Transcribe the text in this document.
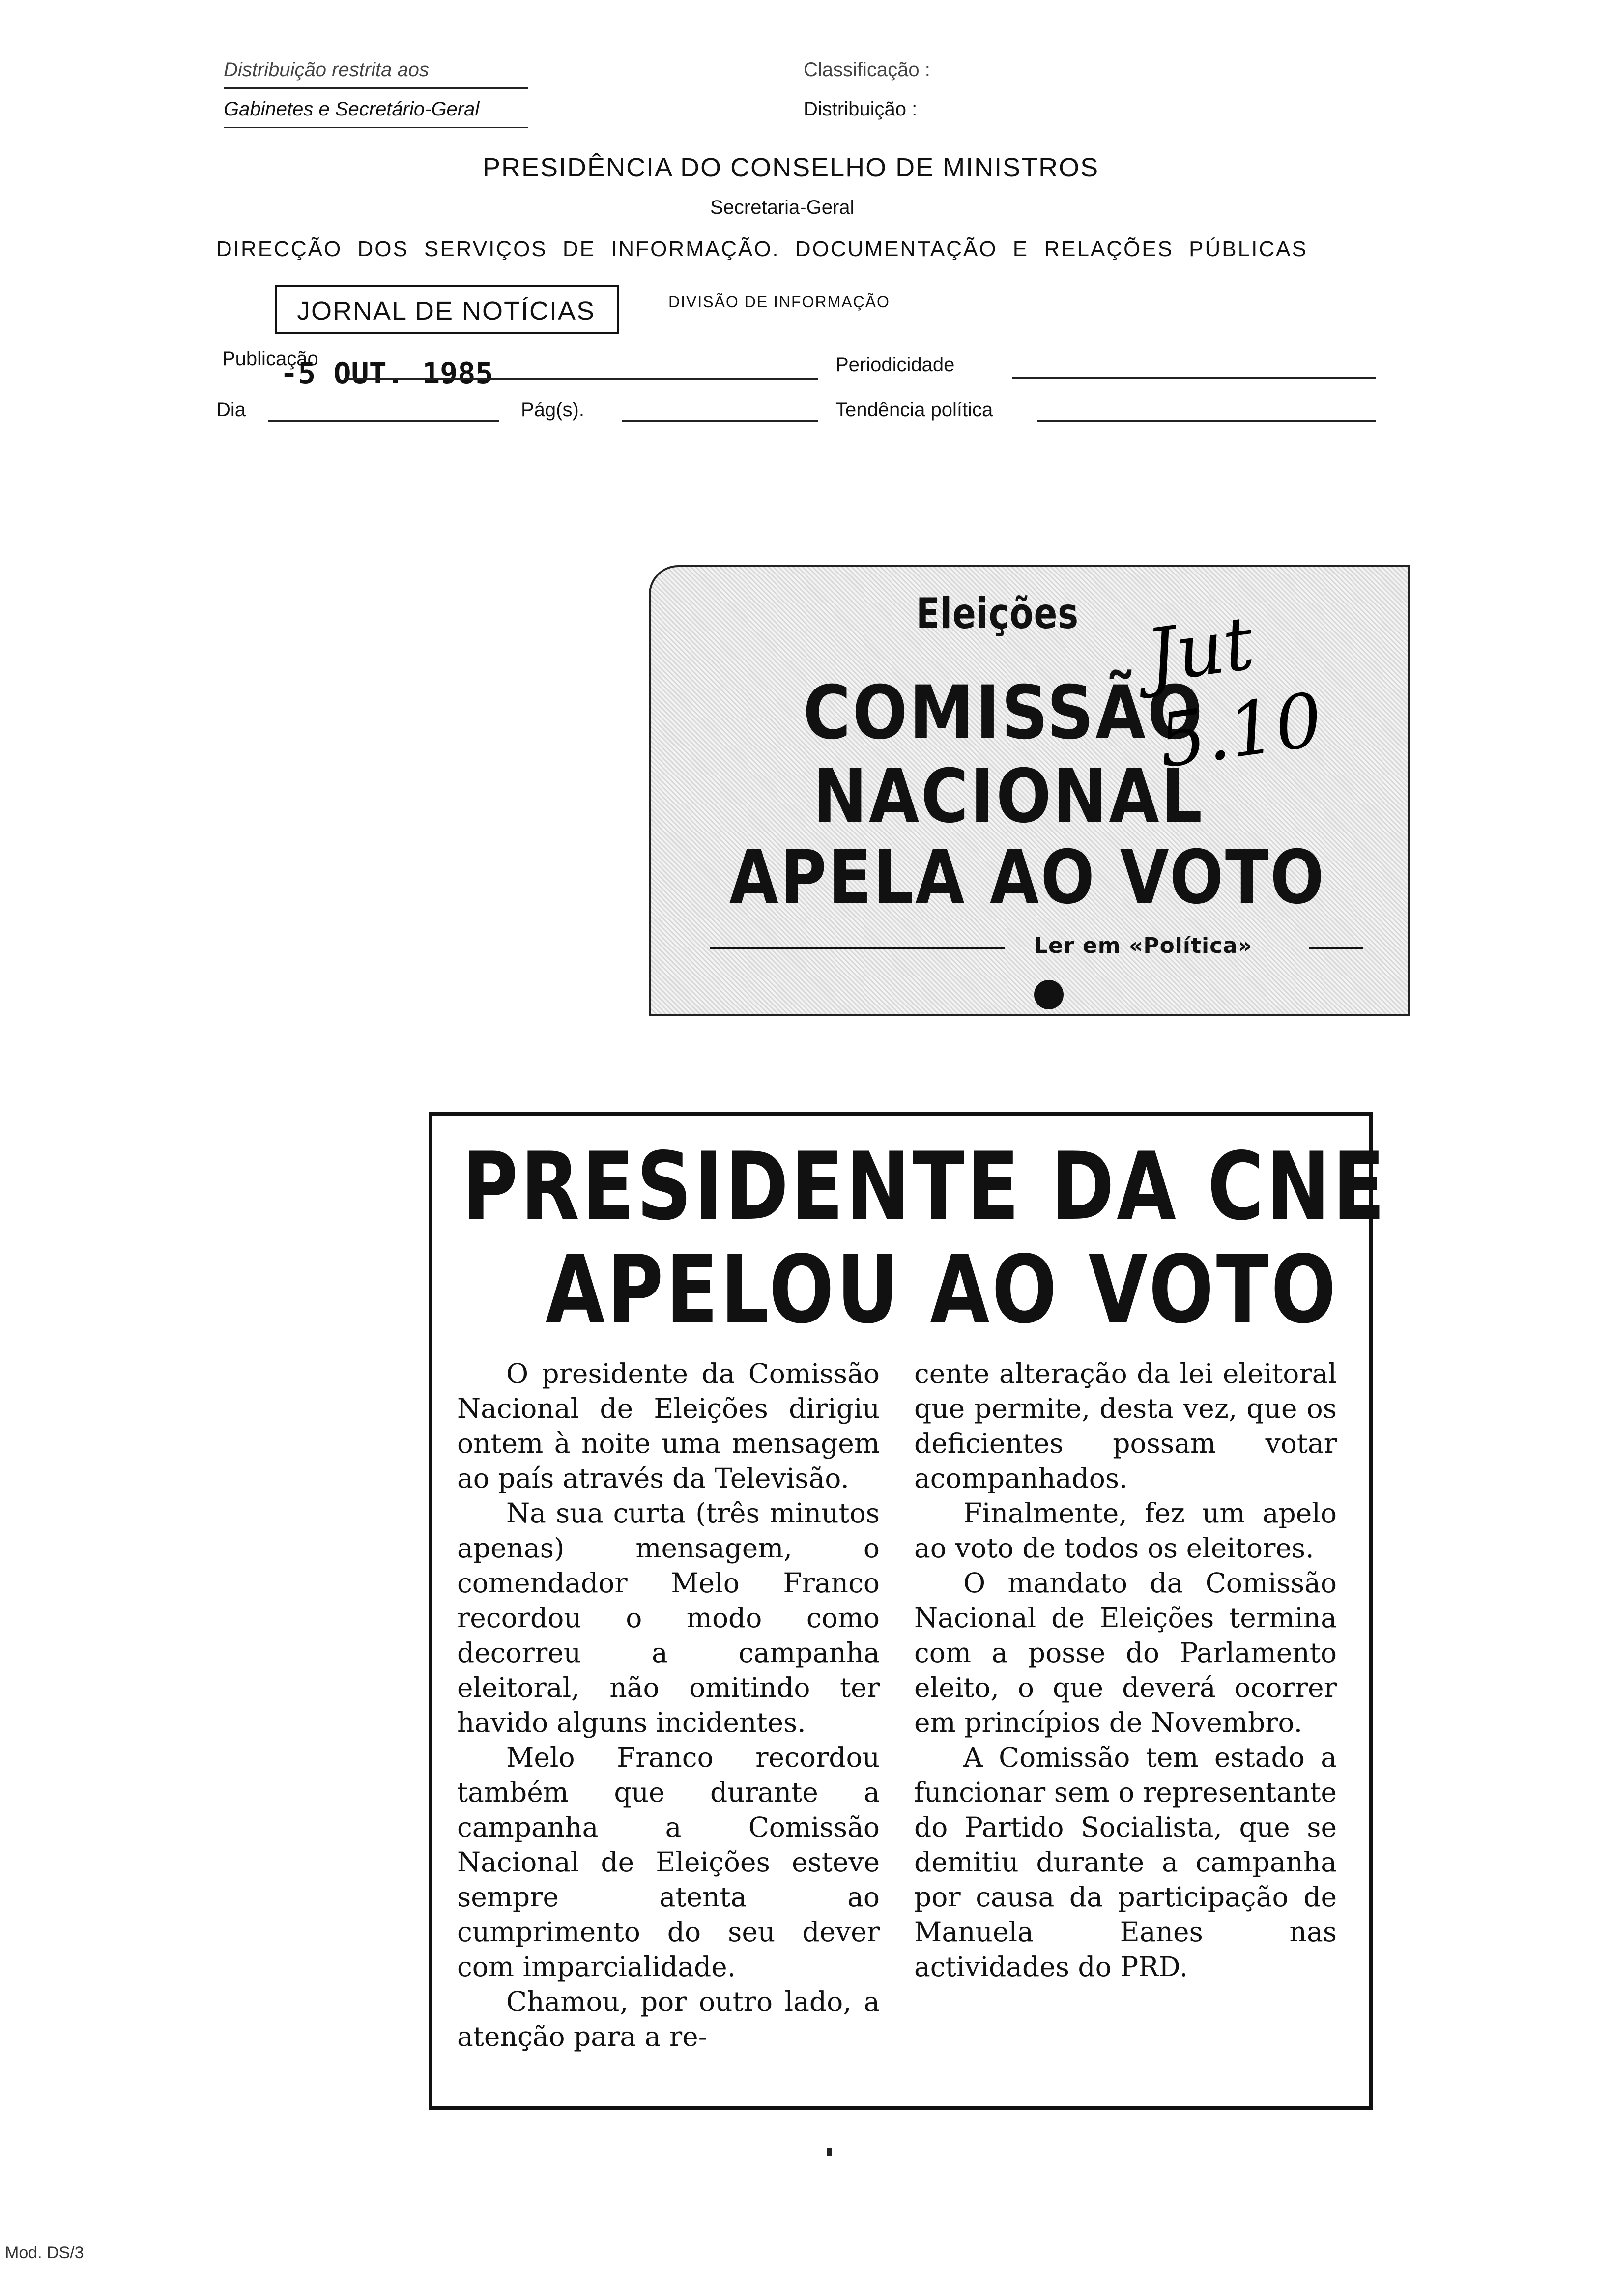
Distribuição restrita aos
Gabinetes e Secretário-Geral
Classificação :
Distribuição :
PRESIDÊNCIA DO CONSELHO DE MINISTROS
Secretaria-Geral
DIRECÇÃO DOS SERVIÇOS DE INFORMAÇÃO. DOCUMENTAÇÃO E RELAÇÕES PÚBLICAS
JORNAL DE NOTÍCIAS	DIVISÃO DE INFORMAÇÃO
Publicação
-5 OUT. 1985	Periodicidade
Dia	Pág(s).	Tendência política
Eleições
COMISSÃO
NACIONAL
APELA AO VOTO
Ler em «Política»
Jut 5.10
PRESIDENTE DA CNE
APELOU AO VOTO

O presidente da Comissão Nacional de Eleições dirigiu ontem à noite uma mensagem ao país através da Televisão.

Na sua curta (três minutos apenas) mensagem, o comendador Melo Franco recordou o modo como decorreu a campanha eleitoral, não omitindo ter havido alguns incidentes.

Melo Franco recordou também que durante a campanha a Comissão Nacional de Eleições esteve sempre atenta ao cumprimento do seu dever com imparcialidade.

Chamou, por outro lado, a atenção para a re-

cente alteração da lei eleitoral que permite, desta vez, que os deficientes possam votar acompanhados.

Finalmente, fez um apelo ao voto de todos os eleitores.

O mandato da Comissão Nacional de Eleições termina com a posse do Parlamento eleito, o que deverá ocorrer em princípios de Novembro.

A Comissão tem estado a funcionar sem o representante do Partido Socialista, que se demitiu durante a campanha por causa da participação de Manuela Eanes nas actividades do PRD.

Mod. DS/3
